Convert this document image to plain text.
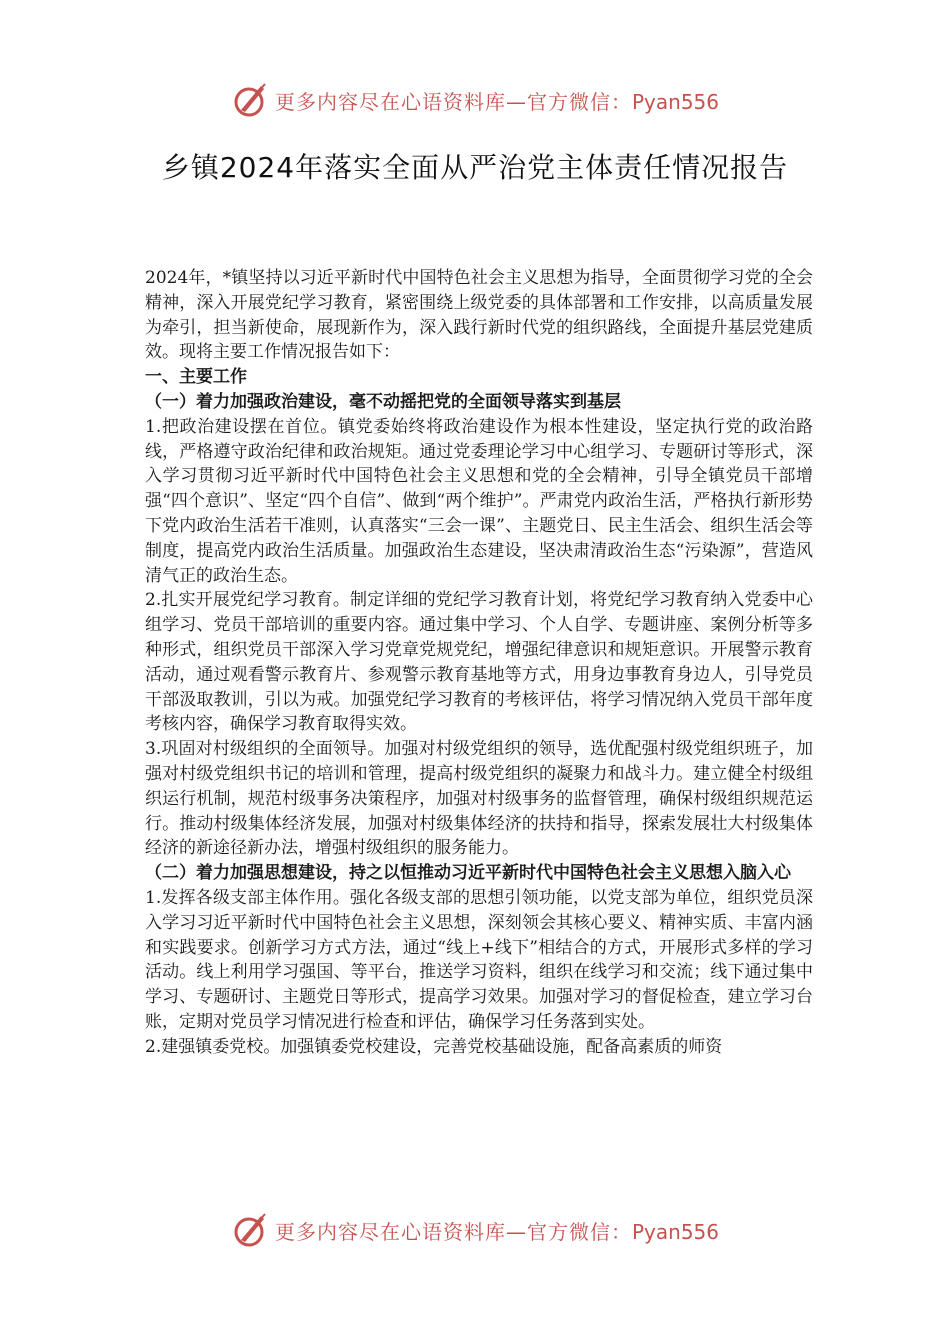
更多内容尽在心语资料库—官方微信：Pyan556
乡镇2024年落实全面从严治党主体责任情况报告

2024年，*镇坚持以习近平新时代中国特色社会主义思想为指导，全面贯彻学习党的全会精神，深入开展党纪学习教育，紧密围绕上级党委的具体部署和工作安排，以高质量发展为牵引，担当新使命，展现新作为，深入践行新时代党的组织路线，全面提升基层党建质效。现将主要工作情况报告如下：

一、主要工作

（一）着力加强政治建设，毫不动摇把党的全面领导落实到基层

1.把政治建设摆在首位。镇党委始终将政治建设作为根本性建设，坚定执行党的政治路线，严格遵守政治纪律和政治规矩。通过党委理论学习中心组学习、专题研讨等形式，深入学习贯彻习近平新时代中国特色社会主义思想和党的全会精神，引导全镇党员干部增强“四个意识”、坚定“四个自信”、做到“两个维护”。严肃党内政治生活，严格执行新形势下党内政治生活若干准则，认真落实“三会一课”、主题党日、民主生活会、组织生活会等制度，提高党内政治生活质量。加强政治生态建设，坚决肃清政治生态“污染源”，营造风清气正的政治生态。

2.扎实开展党纪学习教育。制定详细的党纪学习教育计划，将党纪学习教育纳入党委中心组学习、党员干部培训的重要内容。通过集中学习、个人自学、专题讲座、案例分析等多种形式，组织党员干部深入学习党章党规党纪，增强纪律意识和规矩意识。开展警示教育活动，通过观看警示教育片、参观警示教育基地等方式，用身边事教育身边人，引导党员干部汲取教训，引以为戒。加强党纪学习教育的考核评估，将学习情况纳入党员干部年度考核内容，确保学习教育取得实效。

3.巩固对村级组织的全面领导。加强对村级党组织的领导，选优配强村级党组织班子，加强对村级党组织书记的培训和管理，提高村级党组织的凝聚力和战斗力。建立健全村级组织运行机制，规范村级事务决策程序，加强对村级事务的监督管理，确保村级组织规范运行。推动村级集体经济发展，加强对村级集体经济的扶持和指导，探索发展壮大村级集体经济的新途径新办法，增强村级组织的服务能力。

（二）着力加强思想建设，持之以恒推动习近平新时代中国特色社会主义思想入脑入心

1.发挥各级支部主体作用。强化各级支部的思想引领功能，以党支部为单位，组织党员深入学习习近平新时代中国特色社会主义思想，深刻领会其核心要义、精神实质、丰富内涵和实践要求。创新学习方式方法，通过“线上+线下”相结合的方式，开展形式多样的学习活动。线上利用学习强国、等平台，推送学习资料，组织在线学习和交流；线下通过集中学习、专题研讨、主题党日等形式，提高学习效果。加强对学习的督促检查，建立学习台账，定期对党员学习情况进行检查和评估，确保学习任务落到实处。

2.建强镇委党校。加强镇委党校建设，完善党校基础设施，配备高素质的师资

更多内容尽在心语资料库—官方微信：Pyan556
